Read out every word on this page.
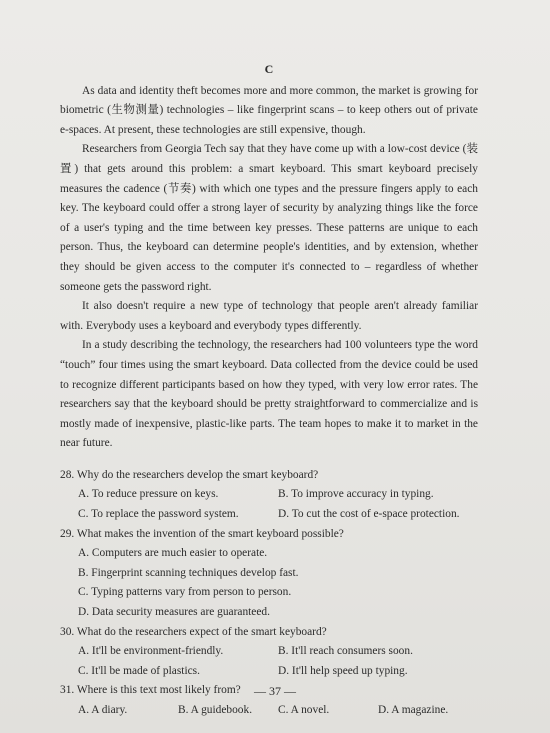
C

As data and identity theft becomes more and more common, the market is growing for biometric (生物测量) technologies – like fingerprint scans – to keep others out of private e-spaces. At present, these technologies are still expensive, though.

Researchers from Georgia Tech say that they have come up with a low-cost device (装置) that gets around this problem: a smart keyboard. This smart keyboard precisely measures the cadence (节奏) with which one types and the pressure fingers apply to each key. The keyboard could offer a strong layer of security by analyzing things like the force of a user's typing and the time between key presses. These patterns are unique to each person. Thus, the keyboard can determine people's identities, and by extension, whether they should be given access to the computer it's connected to – regardless of whether someone gets the password right.

It also doesn't require a new type of technology that people aren't already familiar with. Everybody uses a keyboard and everybody types differently.

In a study describing the technology, the researchers had 100 volunteers type the word “touch” four times using the smart keyboard. Data collected from the device could be used to recognize different participants based on how they typed, with very low error rates. The researchers say that the keyboard should be pretty straightforward to commercialize and is mostly made of inexpensive, plastic-like parts. The team hopes to make it to market in the near future.

28. Why do the researchers develop the smart keyboard?

A. To reduce pressure on keys.	B. To improve accuracy in typing.

C. To replace the password system.	D. To cut the cost of e-space protection.

29. What makes the invention of the smart keyboard possible?

A. Computers are much easier to operate.

B. Fingerprint scanning techniques develop fast.

C. Typing patterns vary from person to person.

D. Data security measures are guaranteed.

30. What do the researchers expect of the smart keyboard?

A. It'll be environment-friendly.	B. It'll reach consumers soon.

C. It'll be made of plastics.	D. It'll help speed up typing.

31. Where is this text most likely from?

A. A diary.	B. A guidebook.	C. A novel.	D. A magazine.

— 37 —
